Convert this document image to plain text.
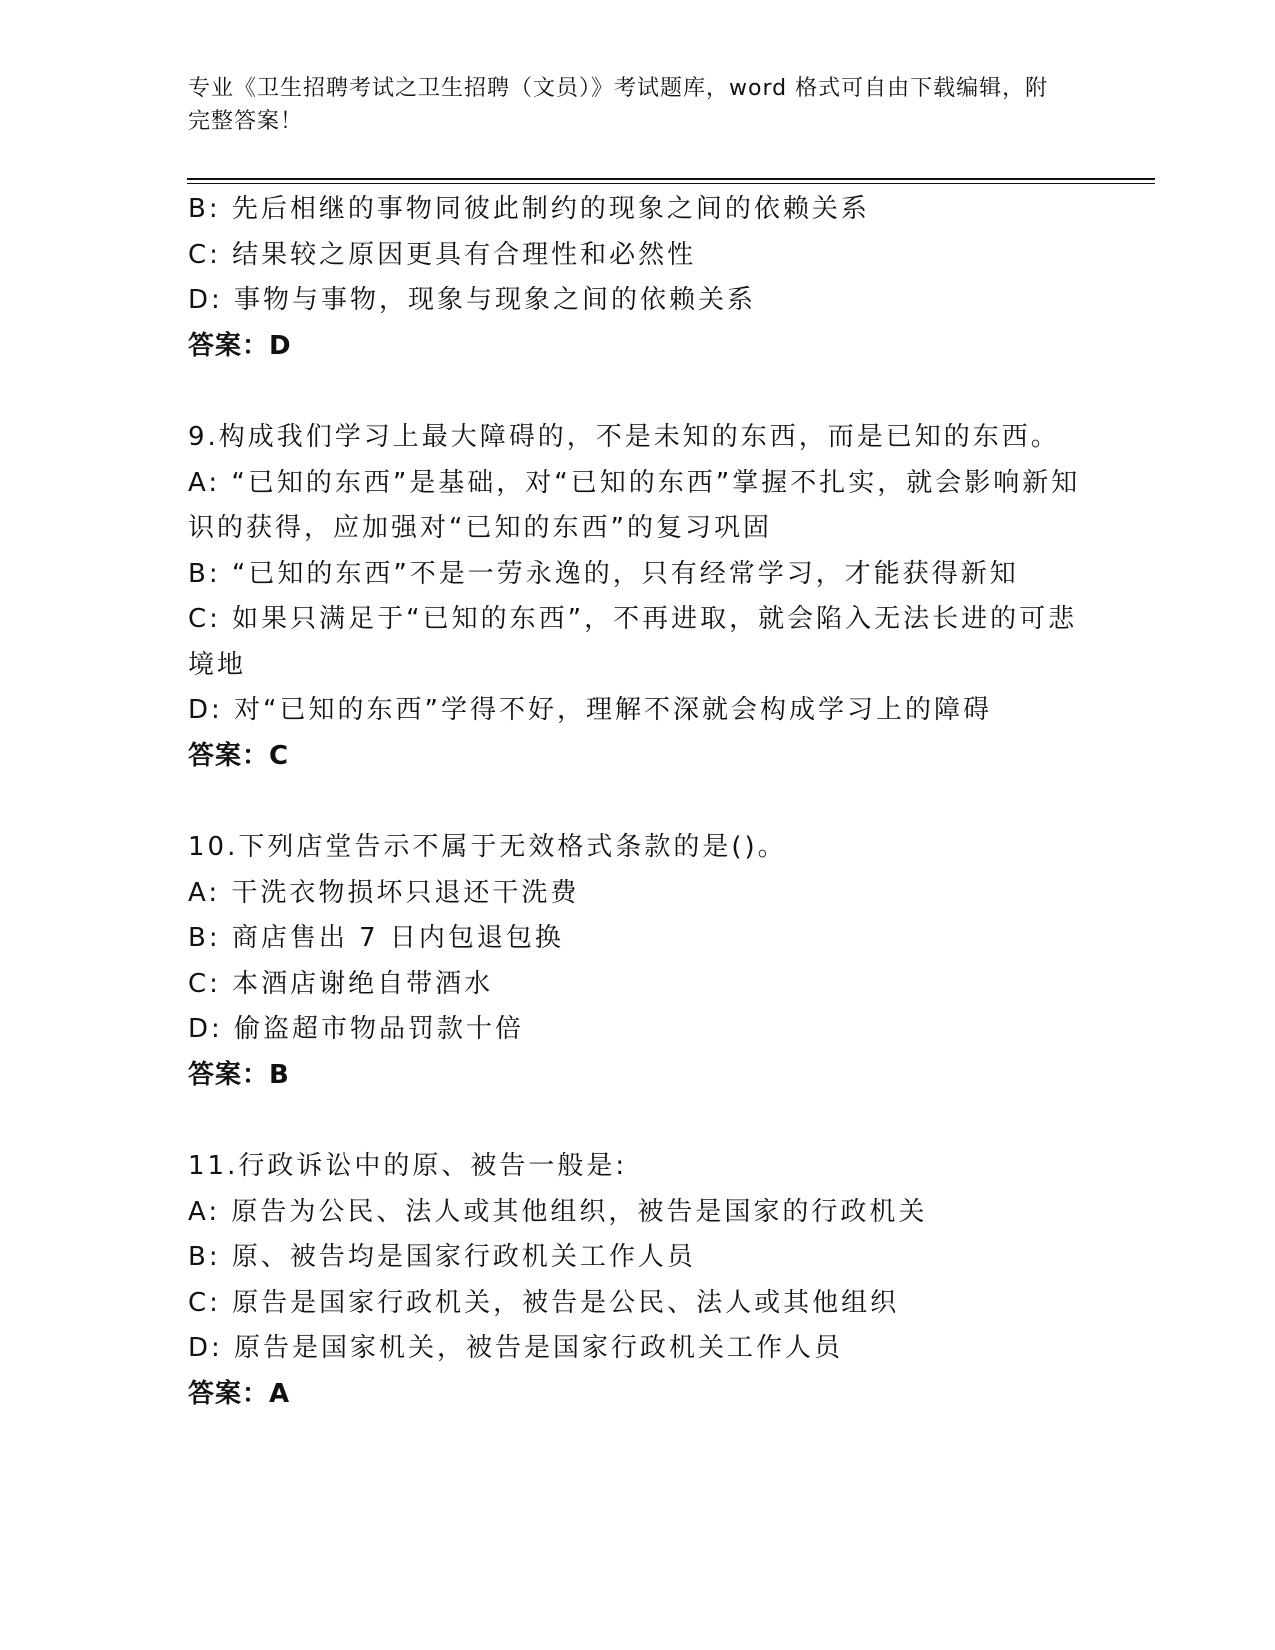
专业《卫生招聘考试之卫生招聘（文员）》考试题库，word 格式可自由下载编辑，附完整答案！
B: 先后相继的事物同彼此制约的现象之间的依赖关系
C: 结果较之原因更具有合理性和必然性
D: 事物与事物，现象与现象之间的依赖关系
答案：D
9.构成我们学习上最大障碍的，不是未知的东西，而是已知的东西。
A: “已知的东西”是基础，对“已知的东西”掌握不扎实，就会影响新知识的获得，应加强对“已知的东西”的复习巩固
B: “已知的东西”不是一劳永逸的，只有经常学习，才能获得新知
C: 如果只满足于“已知的东西”，不再进取，就会陷入无法长进的可悲境地
D: 对“已知的东西”学得不好，理解不深就会构成学习上的障碍
答案：C
10.下列店堂告示不属于无效格式条款的是()。
A: 干洗衣物损坏只退还干洗费
B: 商店售出 7 日内包退包换
C: 本酒店谢绝自带酒水
D: 偷盗超市物品罚款十倍
答案：B
11.行政诉讼中的原、被告一般是:
A: 原告为公民、法人或其他组织，被告是国家的行政机关
B: 原、被告均是国家行政机关工作人员
C: 原告是国家行政机关，被告是公民、法人或其他组织
D: 原告是国家机关，被告是国家行政机关工作人员
答案：A
